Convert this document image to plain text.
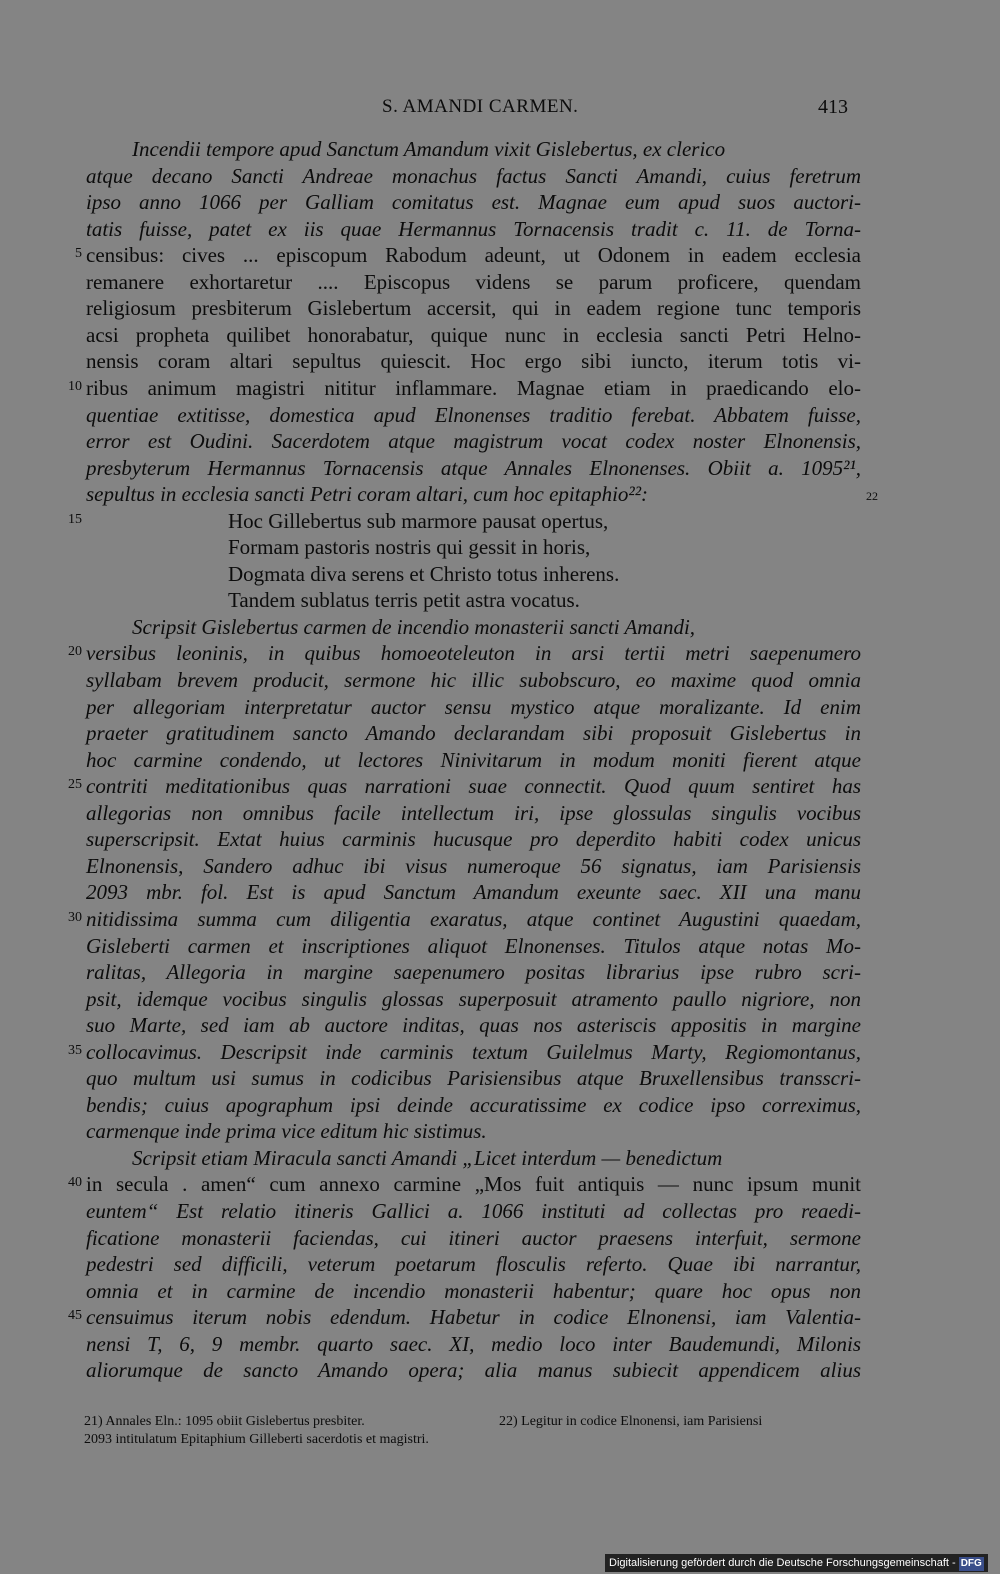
S. AMANDI CARMEN.	413
Incendii tempore apud Sanctum Amandum vixit Gislebertus, ex clerico
atque decano Sancti Andreae monachus factus Sancti Amandi, cuius feretrum
ipso anno 1066 per Galliam comitatus est. Magnae eum apud suos auctori-
tatis fuisse, patet ex iis quae Hermannus Tornacensis tradit c. 11. de Torna-
5 censibus: cives ... episcopum Rabodum adeunt, ut Odonem in eadem ecclesia
remanere exhortaretur .... Episcopus videns se parum proficere, quendam
religiosum presbiterum Gislebertum accersit, qui in eadem regione tunc temporis
acsi propheta quilibet honorabatur, quique nunc in ecclesia sancti Petri Helno-
nensis coram altari sepultus quiescit. Hoc ergo sibi iuncto, iterum totis vi-
10 ribus animum magistri nititur inflammare. Magnae etiam in praedicando elo-
quentiae extitisse, domestica apud Elnonenses traditio ferebat. Abbatem fuisse,
error est Oudini. Sacerdotem atque magistrum vocat codex noster Elnonensis,
presbyterum Hermannus Tornacensis atque Annales Elnonenses. Obiit a. 1095²¹,
sepultus in ecclesia sancti Petri coram altari, cum hoc epitaphio²²:	22
15	Hoc Gillebertus sub marmore pausat opertus,
Formam pastoris nostris qui gessit in horis,
Dogmata diva serens et Christo totus inherens.
Tandem sublatus terris petit astra vocatus.
Scripsit Gislebertus carmen de incendio monasterii sancti Amandi,
20 versibus leoninis, in quibus homoeoteleuton in arsi tertii metri saepenumero
syllabam brevem producit, sermone hic illic subobscuro, eo maxime quod omnia
per allegoriam interpretatur auctor sensu mystico atque moralizante. Id enim
praeter gratitudinem sancto Amando declarandam sibi proposuit Gislebertus in
hoc carmine condendo, ut lectores Ninivitarum in modum moniti fierent atque
25 contriti meditationibus quas narrationi suae connectit. Quod quum sentiret has
allegorias non omnibus facile intellectum iri, ipse glossulas singulis vocibus
superscripsit. Extat huius carminis hucusque pro deperdito habiti codex unicus
Elnonensis, Sandero adhuc ibi visus numeroque 56 signatus, iam Parisiensis
2093 mbr. fol. Est is apud Sanctum Amandum exeunte saec. XII una manu
30 nitidissima summa cum diligentia exaratus, atque continet Augustini quaedam,
Gisleberti carmen et inscriptiones aliquot Elnonenses. Titulos atque notas Mo-
ralitas, Allegoria in margine saepenumero positas librarius ipse rubro scri-
psit, idemque vocibus singulis glossas superposuit atramento paullo nigriore, non
suo Marte, sed iam ab auctore inditas, quas nos asteriscis appositis in margine
35 collocavimus. Descripsit inde carminis textum Guilelmus Marty, Regiomontanus,
quo multum usi sumus in codicibus Parisiensibus atque Bruxellensibus transscri-
bendis; cuius apographum ipsi deinde accuratissime ex codice ipso correximus,
carmenque inde prima vice editum hic sistimus.
Scripsit etiam Miracula sancti Amandi „Licet interdum — benedictum
40 in secula . amen“ cum annexo carmine „Mos fuit antiquis — nunc ipsum munit
euntem“ Est relatio itineris Gallici a. 1066 instituti ad collectas pro reaedi-
ficatione monasterii faciendas, cui itineri auctor praesens interfuit, sermone
pedestri sed difficili, veterum poetarum flosculis referto. Quae ibi narrantur,
omnia et in carmine de incendio monasterii habentur; quare hoc opus non
45 censuimus iterum nobis edendum. Habetur in codice Elnonensi, iam Valentia-
nensi T, 6, 9 membr. quarto saec. XI, medio loco inter Baudemundi, Milonis
aliorumque de sancto Amando opera; alia manus subiecit appendicem alius
21) Annales Eln.: 1095 obiit Gislebertus presbiter.	22) Legitur in codice Elnonensi, iam Parisiensi
2093 intitulatum Epitaphium Gilleberti sacerdotis et magistri.
Digitalisierung gefördert durch die Deutsche Forschungsgemeinschaft - DFG
